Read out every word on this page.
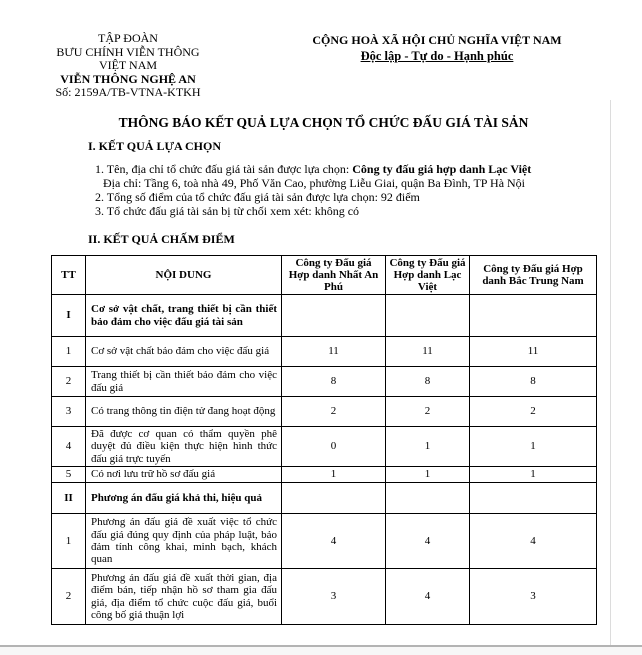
TẬP ĐOÀN
BƯU CHÍNH VIỄN THÔNG
VIỆT NAM
VIỄN THÔNG NGHỆ AN
Số: 2159A/TB-VTNA-KTKH
CỘNG HOÀ XÃ HỘI CHỦ NGHĨA VIỆT NAM
Độc lập - Tự do - Hạnh phúc
THÔNG BÁO KẾT QUẢ LỰA CHỌN TỔ CHỨC ĐẤU GIÁ TÀI SẢN
I. KẾT QUẢ LỰA CHỌN
1. Tên, địa chỉ tổ chức đấu giá tài sản được lựa chọn: Công ty đấu giá hợp danh Lạc Việt
Địa chỉ: Tầng 6, toà nhà 49, Phố Văn Cao, phường Liễu Giai, quận Ba Đình, TP Hà Nội
2. Tổng số điểm của tổ chức đấu giá tài sản được lựa chọn: 92 điểm
3. Tổ chức đấu giá tài sản bị từ chối xem xét: không có
II. KẾT QUẢ CHẤM ĐIỂM
TT	NỘI DUNG	Công ty Đấu giá Hợp danh Nhất An Phú	Công ty Đấu giá Hợp danh Lạc Việt	Công ty Đấu giá Hợp danh Bắc Trung Nam
I	Cơ sở vật chất, trang thiết bị cần thiết bảo đảm cho việc đấu giá tài sản			
1	Cơ sở vật chất bảo đảm cho việc đấu giá	11	11	11
2	Trang thiết bị cần thiết bảo đảm cho việc đấu giá	8	8	8
3	Có trang thông tin điện tử đang hoạt động	2	2	2
4	Đã được cơ quan có thẩm quyền phê duyệt đủ điều kiện thực hiện hình thức đấu giá trực tuyến	0	1	1
5	Có nơi lưu trữ hồ sơ đấu giá	1	1	1
II	Phương án đấu giá khả thi, hiệu quả			
1	Phương án đấu giá đề xuất việc tổ chức đấu giá đúng quy định của pháp luật, bảo đảm tính công khai, minh bạch, khách quan	4	4	4
2	Phương án đấu giá đề xuất thời gian, địa điểm bán, tiếp nhận hồ sơ tham gia đấu giá, địa điểm tổ chức cuộc đấu giá, buổi công bố giá thuận lợi	3	4	3
